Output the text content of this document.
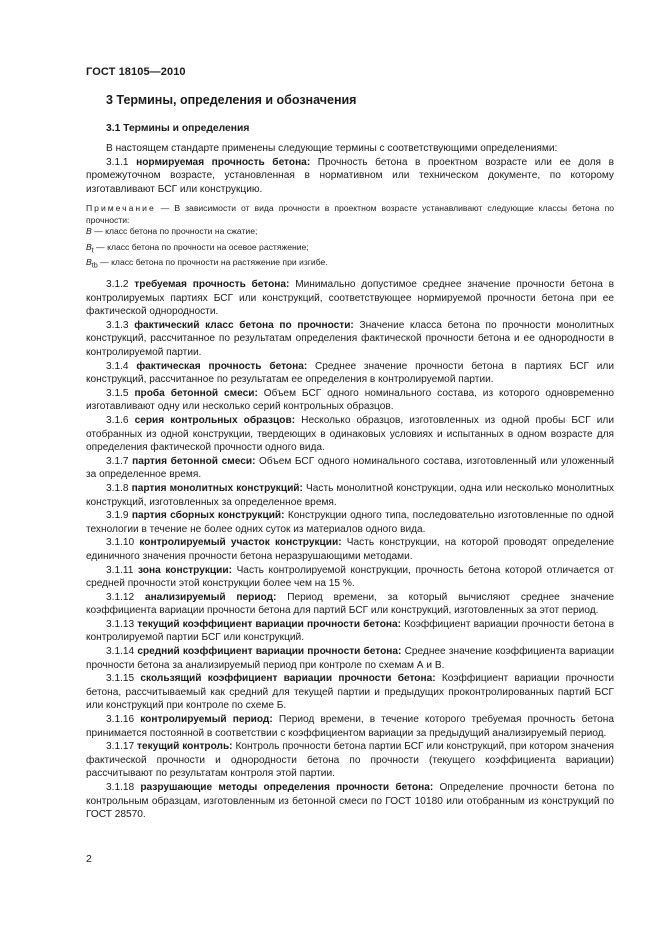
ГОСТ 18105—2010
3 Термины, определения и обозначения
3.1 Термины и определения

В настоящем стандарте применены следующие термины с соответствующими определениями:

3.1.1 нормируемая прочность бетона: Прочность бетона в проектном возрасте или ее доля в промежуточном возрасте, установленная в нормативном или техническом документе, по которому изготавливают БСГ или конструкцию.

Примечание — В зависимости от вида прочности в проектном возрасте устанавливают следующие классы бетона по прочности:

B — класс бетона по прочности на сжатие;

$B_t$ — класс бетона по прочности на осевое растяжение;

$B_{tb}$ — класс бетона по прочности на растяжение при изгибе.

3.1.2 требуемая прочность бетона: Минимально допустимое среднее значение прочности бетона в контролируемых партиях БСГ или конструкций, соответствующее нормируемой прочности бетона при ее фактической однородности.

3.1.3 фактический класс бетона по прочности: Значение класса бетона по прочности монолитных конструкций, рассчитанное по результатам определения фактической прочности бетона и ее однородности в контролируемой партии.

3.1.4 фактическая прочность бетона: Среднее значение прочности бетона в партиях БСГ или конструкций, рассчитанное по результатам ее определения в контролируемой партии.

3.1.5 проба бетонной смеси: Объем БСГ одного номинального состава, из которого одновременно изготавливают одну или несколько серий контрольных образцов.

3.1.6 серия контрольных образцов: Несколько образцов, изготовленных из одной пробы БСГ или отобранных из одной конструкции, твердеющих в одинаковых условиях и испытанных в одном возрасте для определения фактической прочности одного вида.

3.1.7 партия бетонной смеси: Объем БСГ одного номинального состава, изготовленный или уложенный за определенное время.

3.1.8 партия монолитных конструкций: Часть монолитной конструкции, одна или несколько монолитных конструкций, изготовленных за определенное время.

3.1.9 партия сборных конструкций: Конструкции одного типа, последовательно изготовленные по одной технологии в течение не более одних суток из материалов одного вида.

3.1.10 контролируемый участок конструкции: Часть конструкции, на которой проводят определение единичного значения прочности бетона неразрушающими методами.

3.1.11 зона конструкции: Часть контролируемой конструкции, прочность бетона которой отличается от средней прочности этой конструкции более чем на 15 %.

3.1.12 анализируемый период: Период времени, за который вычисляют среднее значение коэффициента вариации прочности бетона для партий БСГ или конструкций, изготовленных за этот период.

3.1.13 текущий коэффициент вариации прочности бетона: Коэффициент вариации прочности бетона в контролируемой партии БСГ или конструкций.

3.1.14 средний коэффициент вариации прочности бетона: Среднее значение коэффициента вариации прочности бетона за анализируемый период при контроле по схемам А и В.

3.1.15 скользящий коэффициент вариации прочности бетона: Коэффициент вариации прочности бетона, рассчитываемый как средний для текущей партии и предыдущих проконтролированных партий БСГ или конструкций при контроле по схеме Б.

3.1.16 контролируемый период: Период времени, в течение которого требуемая прочность бетона принимается постоянной в соответствии с коэффициентом вариации за предыдущий анализируемый период.

3.1.17 текущий контроль: Контроль прочности бетона партии БСГ или конструкций, при котором значения фактической прочности и однородности бетона по прочности (текущего коэффициента вариации) рассчитывают по результатам контроля этой партии.

3.1.18 разрушающие методы определения прочности бетона: Определение прочности бетона по контрольным образцам, изготовленным из бетонной смеси по ГОСТ 10180 или отобранным из конструкций по ГОСТ 28570.

2
